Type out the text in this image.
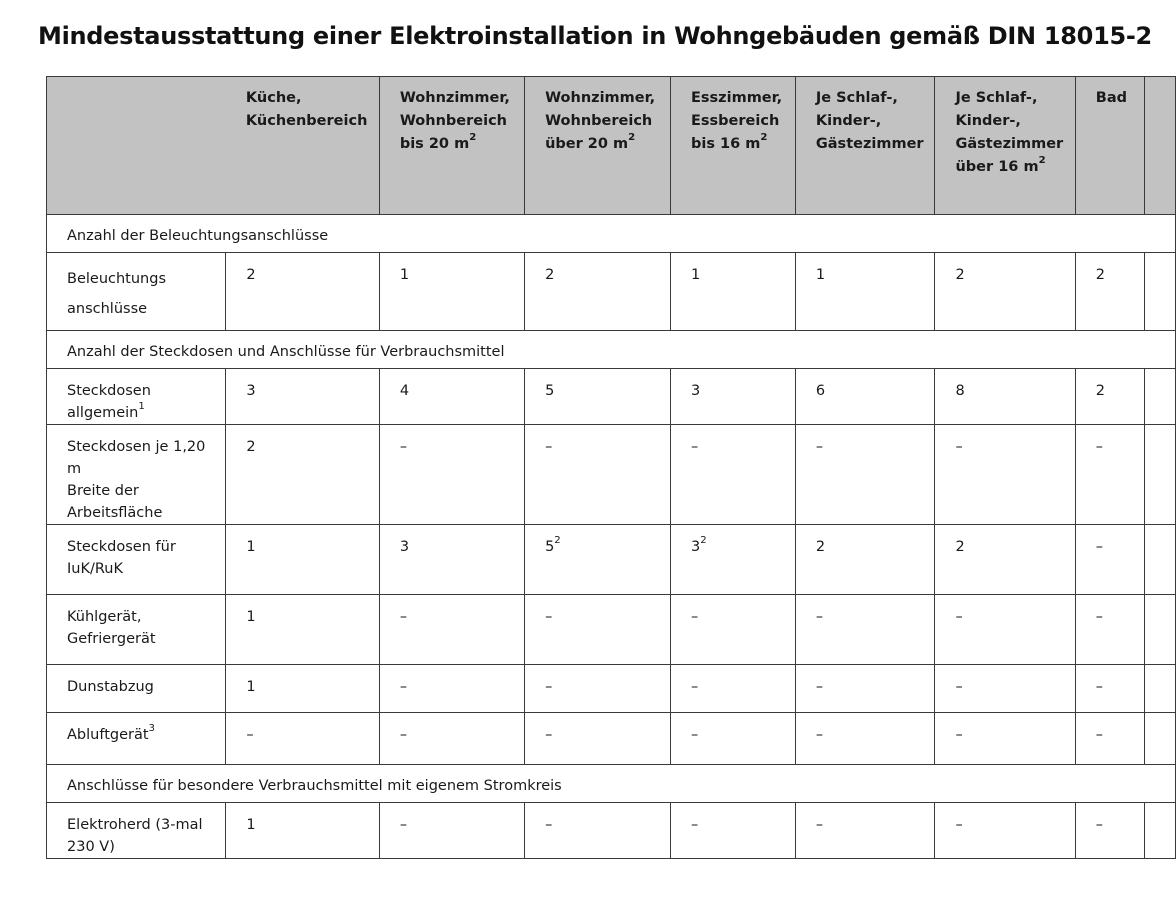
Mindestausstattung einer Elektroinstallation in Wohngebäuden gemäß DIN 18015-2

	Küche,
Küchenbereich	Wohnzimmer,
Wohnbereich
bis 20 $m^2$	Wohnzimmer,
Wohnbereich
über 20 $m^2$	Esszimmer,
Essbereich
bis 16 $m^2$	Je Schlaf-,
Kinder-,
Gästezimmer	Je Schlaf-,
Kinder-,
Gästezimmer
über 16 $m^2$	Bad	

Anzahl der Beleuchtungsanschlüsse								

Beleuchtungs
anschlüsse	2	1	2	1	1	2	2	
Anzahl der Steckdosen und Anschlüsse für Verbrauchsmittel								

Steckdosen
allgemein$^1$	3	4	5	3	6	8	2	

Steckdosen je 1,20 m
Breite der
Arbeitsfläche	2	–	–	–	–	–	–	

Steckdosen für
IuK/RuK	1	3	$5^2$	$3^2$	2	2	–	

Kühlgerät,
Gefriergerät	1	–	–	–	–	–	–	

Dunstabzug	1	–	–	–	–	–	–	

Abluftgerät$^3$	–	–	–	–	–	–	–	
Anschlüsse für besondere Verbrauchsmittel mit eigenem Stromkreis								

Elektroherd (3-mal
230 V)	1	–	–	–	–	–	–	
